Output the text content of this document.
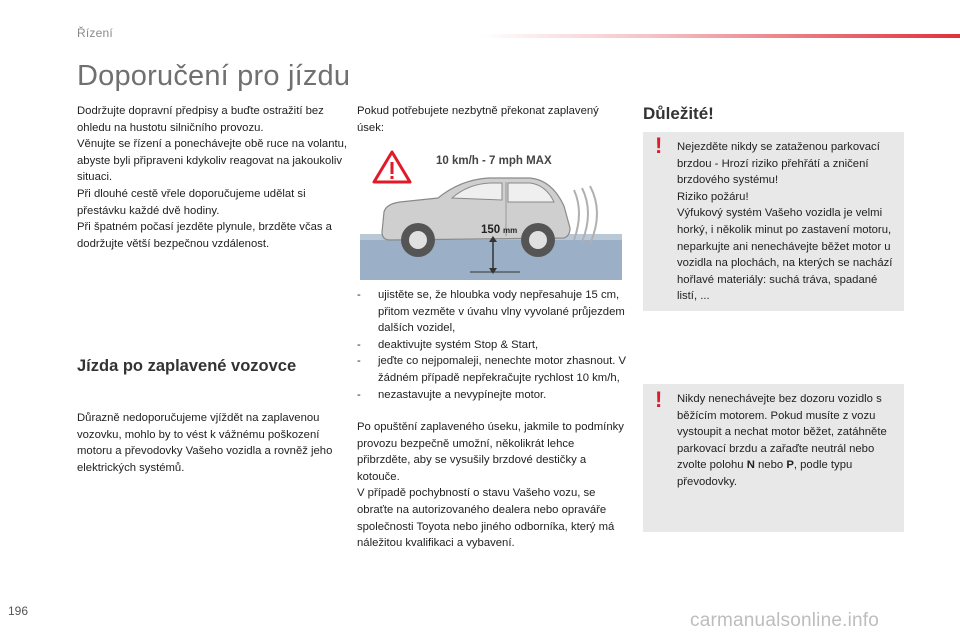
Řízení
Doporučení pro jízdu

Dodržujte dopravní předpisy a buďte ostražití bez ohledu na hustotu silničního provozu.

Věnujte se řízení a ponechávejte obě ruce na volantu, abyste byli připraveni kdykoliv reagovat na jakoukoliv situaci.

Při dlouhé cestě vřele doporučujeme udělat si přestávku každé dvě hodiny.

Při špatném počasí jezděte plynule, brzděte včas a dodržujte větší bezpečnou vzdálenost.

Jízda po zaplavené vozovce

Důrazně nedoporučujeme vjíždět na zaplavenou vozovku, mohlo by to vést k vážnému poškození motoru a převodovky Vašeho vozidla a rovněž jeho elektrických systémů.

Pokud potřebujete nezbytně překonat zaplavený úsek:

10 km/h - 7 mph MAX
150 mm
- ujistěte se, že hloubka vody nepřesahuje 15 cm, přitom vezměte v úvahu vlny vyvolané průjezdem dalších vozidel,
- deaktivujte systém Stop & Start,
- jeďte co nejpomaleji, nenechte motor zhasnout. V žádném případě nepřekračujte rychlost 10 km/h,
- nezastavujte a nevypínejte motor.

Po opuštění zaplaveného úseku, jakmile to podmínky provozu bezpečně umožní, několikrát lehce přibrzděte, aby se vysušily brzdové destičky a kotouče.

V případě pochybností o stavu Vašeho vozu, se obraťte na autorizovaného dealera nebo opraváře společnosti Toyota nebo jiného odborníka, který má náležitou kvalifikaci a vybavení.

Důležité!
! Nejezděte nikdy se zataženou parkovací brzdou - Hrozí riziko přehřátí a zničení brzdového systému!

Riziko požáru!

Výfukový systém Vašeho vozidla je velmi horký, i několik minut po zastavení motoru, neparkujte ani nenechávejte běžet motor u vozidla na plochách, na kterých se nachází hořlavé materiály: suchá tráva, spadané listí, ...

! Nikdy nenechávejte bez dozoru vozidlo s běžícím motorem. Pokud musíte z vozu vystoupit a nechat motor běžet, zatáhněte parkovací brzdu a zařaďte neutrál nebo zvolte polohu N nebo P, podle typu převodovky.

196	carmanualsonline.info
